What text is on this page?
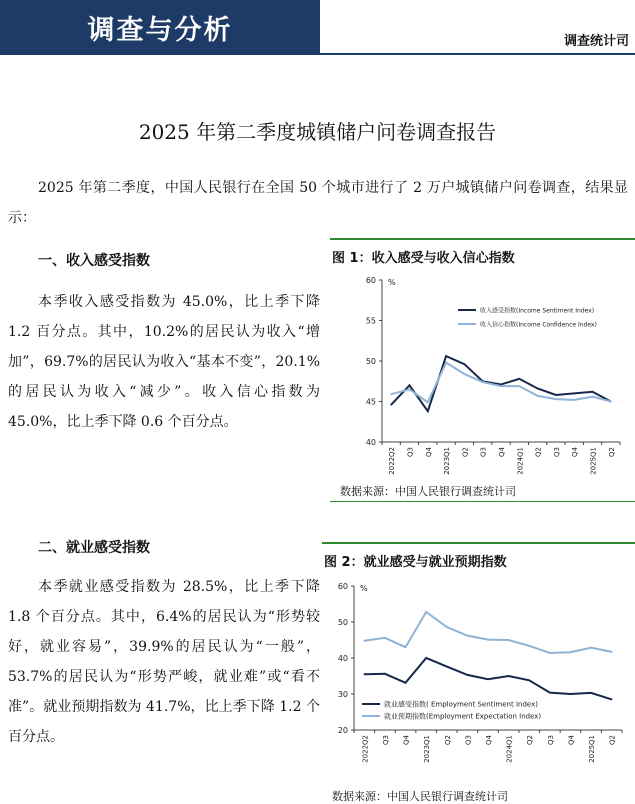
调查与分析	调查统计司
2025 年第二季度城镇储户问卷调查报告
2025 年第二季度，中国人民银行在全国 50 个城市进行了 2 万户城镇储户问卷调查，结果显示：
一、收入感受指数
本季收入感受指数为 45.0%，比上季下降 1.2 百分点。其中，10.2%的居民认为收入“增加”，69.7%的居民认为收入“基本不变”，20.1%的居民认为收入“减少”。收入信心指数为 45.0%，比上季下降 0.6 个百分点。
二、就业感受指数
本季就业感受指数为 28.5%，比上季下降 1.8 个百分点。其中，6.4%的居民认为“形势较好，就业容易”，39.9%的居民认为“一般”，53.7%的居民认为“形势严峻，就业难”或“看不准”。就业预期指数为 41.7%，比上季下降 1.2 个百分点。
图 1：收入感受与收入信心指数
40
45
50
55
60 %
2022Q2 Q3 Q4 2023Q1 Q2 Q3 Q4 2024Q1 Q2 Q3 Q4 2025Q1 Q2
收入感受指数(Income Sentiment Index)
收入信心指数(Income Confidence Index)
数据来源：中国人民银行调查统计司
图 2：就业感受与就业预期指数
20
30
40
50
60 %
2022Q2 Q3 Q4 2023Q1 Q2 Q3 Q4 2024Q1 Q2 Q3 Q4 2025Q1 Q2
就业感受指数( Employment Sentiment Index)
就业预期指数(Employment Expectation Index)
数据来源：中国人民银行调查统计司
